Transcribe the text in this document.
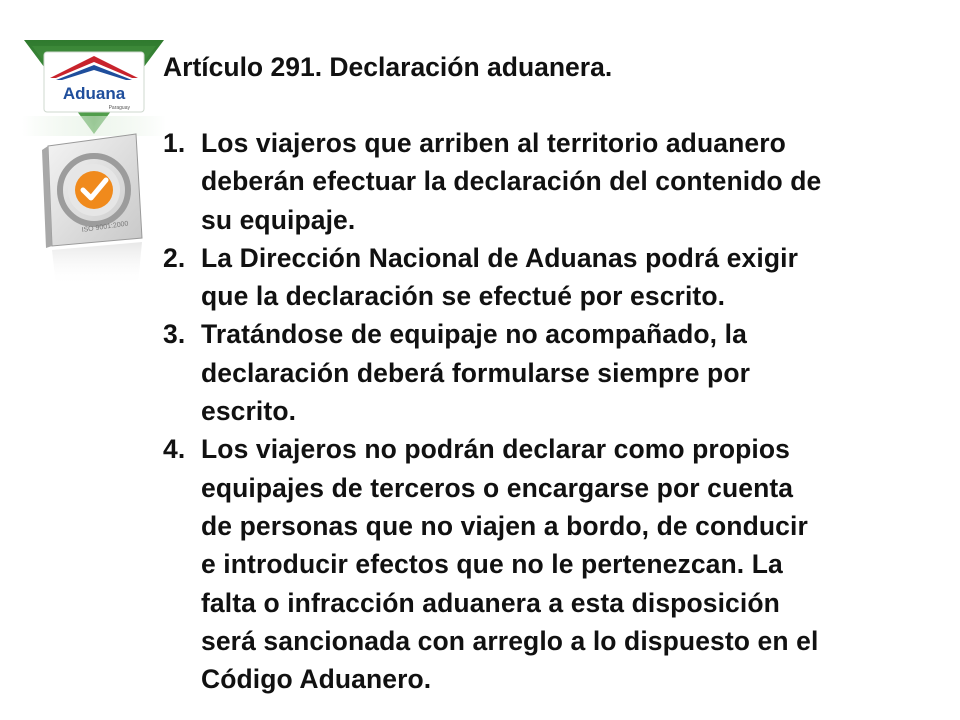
Aduana
Paraguay
ISO 9001:2000
Artículo 291. Declaración aduanera.
1. Los viajeros que arriben al territorio aduanero
deberán efectuar la declaración del contenido de
su equipaje.
2. La Dirección Nacional de Aduanas podrá exigir
que la declaración se efectué por escrito.
3. Tratándose de equipaje no acompañado, la
declaración deberá formularse siempre por
escrito.
4. Los viajeros no podrán declarar como propios
equipajes de terceros o encargarse por cuenta
de personas que no viajen a bordo, de conducir
e introducir efectos que no le pertenezcan. La
falta o infracción aduanera a esta disposición
será sancionada con arreglo a lo dispuesto en el
Código Aduanero.
